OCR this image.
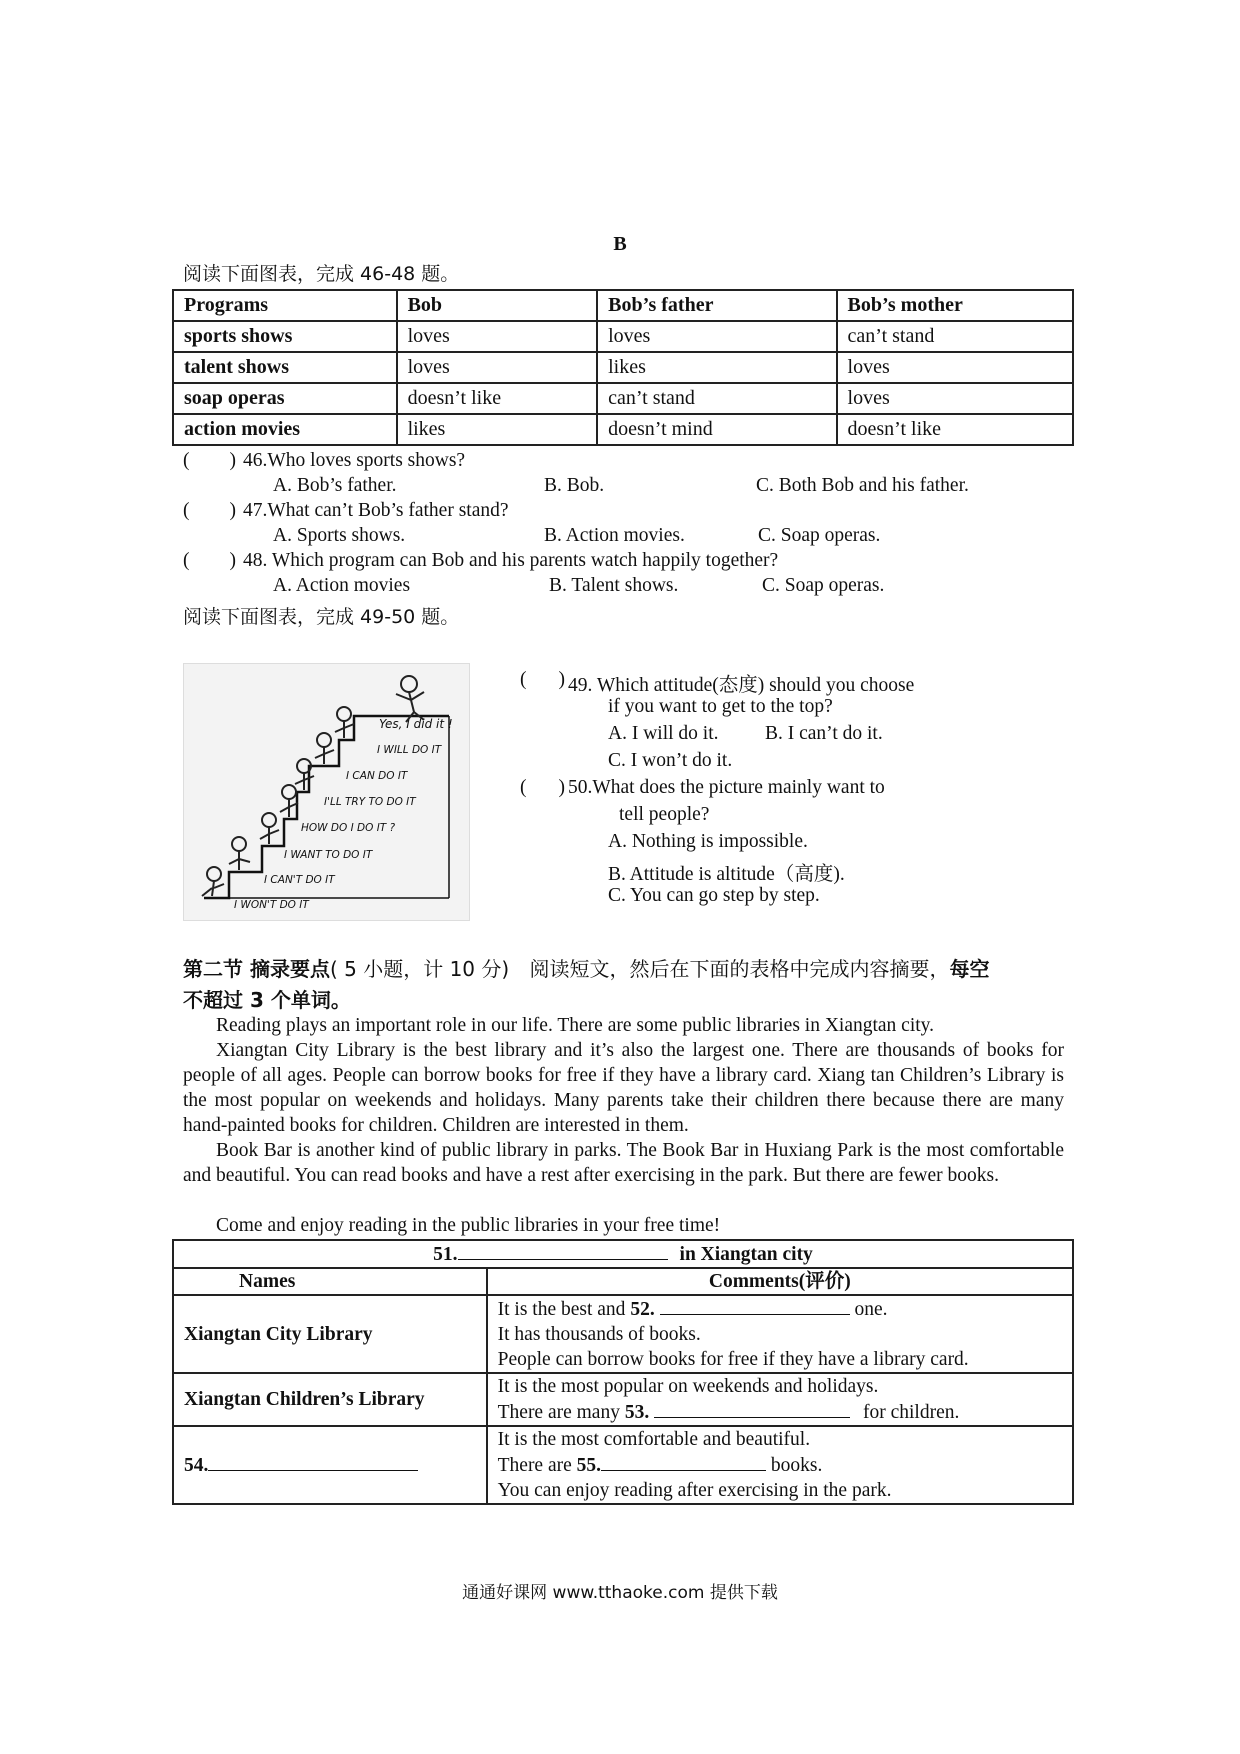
B
阅读下面图表，完成 46-48 题。
Programs	Bob	Bob’s father	Bob’s mother
sports shows	loves	loves	can’t stand
talent shows	loves	likes	loves
soap operas	doesn’t like	can’t stand	loves
action movies	likes	doesn’t mind	doesn’t like
( ) 46.Who loves sports shows?
A. Bob’s father.	B. Bob.	C. Both Bob and his father.
( ) 47.What can’t Bob’s father stand?
A. Sports shows.	B. Action movies.	C. Soap operas.
( ) 48. Which program can Bob and his parents watch happily together?
A. Action movies	B. Talent shows.	C. Soap operas.
阅读下面图表，完成 49-50 题。
I WON'T DO IT
I CAN'T DO IT
I WANT TO DO IT
HOW DO I DO IT ?
I'LL TRY TO DO IT
I CAN DO IT
I WILL DO IT
Yes, I did it !
( ) 49. Which attitude(态度) should you choose
if you want to get to the top?
A. I will do it. B. I can’t do it.
C. I won’t do it.
( ) 50.What does the picture mainly want to
tell people?
A. Nothing is impossible.
B. Attitude is altitude（高度).
C. You can go step by step.
第二节 摘录要点( 5 小题，计 10 分) 阅读短文，然后在下面的表格中完成内容摘要，每空
不超过 3 个单词。
Reading plays an important role in our life. There are some public libraries in Xiangtan city.
Xiangtan City Library is the best library and it’s also the largest one. There are thousands of books for people of all ages. People can borrow books for free if they have a library card. Xiang tan Children’s Library is the most popular on weekends and holidays. Many parents take their children there because there are many hand-painted books for children. Children are interested in them.
Book Bar is another kind of public library in parks. The Book Bar in Huxiang Park is the most comfortable and beautiful. You can read books and have a rest after exercising in the park. But there are fewer books.
Come and enjoy reading in the public libraries in your free time!
51. in Xiangtan city	
Names	Comments(评价)
Xiangtan City Library	It is the best and 52. one.
It has thousands of books.
People can borrow books for free if they have a library card.

Xiangtan Children’s Library	It is the most popular on weekends and holidays.
There are many 53. for children.

54.	It is the most comfortable and beautiful.
There are 55. books.
You can enjoy reading after exercising in the park.
通通好课网 www.tthaoke.com 提供下载
